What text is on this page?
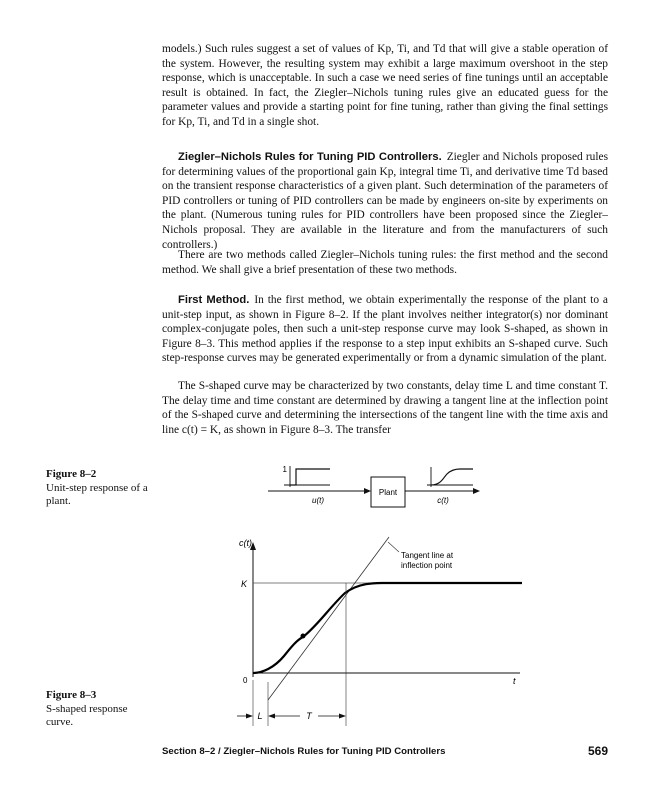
models.) Such rules suggest a set of values of Kp, Ti, and Td that will give a stable operation of the system. However, the resulting system may exhibit a large maximum overshoot in the step response, which is unacceptable. In such a case we need series of fine tunings until an acceptable result is obtained. In fact, the Ziegler–Nichols tuning rules give an educated guess for the parameter values and provide a starting point for fine tuning, rather than giving the final settings for Kp, Ti, and Td in a single shot.

Ziegler–Nichols Rules for Tuning PID Controllers. Ziegler and Nichols proposed rules for determining values of the proportional gain Kp, integral time Ti, and derivative time Td based on the transient response characteristics of a given plant. Such determination of the parameters of PID controllers or tuning of PID controllers can be made by engineers on-site by experiments on the plant. (Numerous tuning rules for PID controllers have been proposed since the Ziegler–Nichols proposal. They are available in the literature and from the manufacturers of such controllers.)

There are two methods called Ziegler–Nichols tuning rules: the first method and the second method. We shall give a brief presentation of these two methods.

First Method. In the first method, we obtain experimentally the response of the plant to a unit-step input, as shown in Figure 8–2. If the plant involves neither integrator(s) nor dominant complex-conjugate poles, then such a unit-step response curve may look S-shaped, as shown in Figure 8–3. This method applies if the response to a step input exhibits an S-shaped curve. Such step-response curves may be generated experimentally or from a dynamic simulation of the plant.

The S-shaped curve may be characterized by two constants, delay time L and time constant T. The delay time and time constant are determined by drawing a tangent line at the inflection point of the S-shaped curve and determining the intersections of the tangent line with the time axis and line c(t) = K, as shown in Figure 8–3. The transfer

Figure 8–2
Unit-step response of a plant.
1
u(t)
Plant
c(t)
Figure 8–3
S-shaped response curve.
c(t)
t
K
0
Tangent line at
inflection point
L	T
Section 8–2 / Ziegler–Nichols Rules for Tuning PID Controllers	569
